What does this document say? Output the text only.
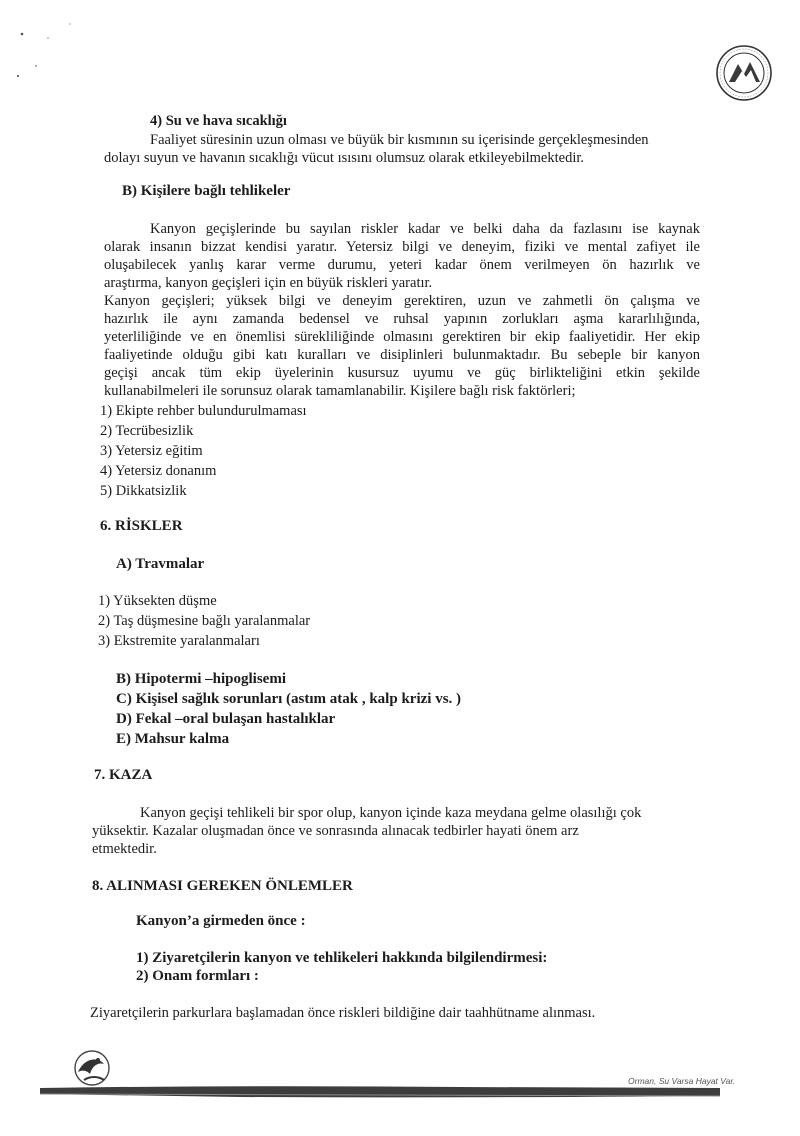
4) Su ve hava sıcaklığı
Faaliyet süresinin uzun olması ve büyük bir kısmının su içerisinde gerçekleşmesinden
dolayı suyun ve havanın sıcaklığı vücut ısısını olumsuz olarak etkileyebilmektedir.
B) Kişilere bağlı tehlikeler
Kanyon geçişlerinde bu sayılan riskler kadar ve belki daha da fazlasını ise kaynak
olarak insanın bizzat kendisi yaratır. Yetersiz bilgi ve deneyim, fiziki ve mental zafiyet ile
oluşabilecek yanlış karar verme durumu, yeteri kadar önem verilmeyen ön hazırlık ve
araştırma, kanyon geçişleri için en büyük riskleri yaratır.
Kanyon geçişleri; yüksek bilgi ve deneyim gerektiren, uzun ve zahmetli ön çalışma ve
hazırlık ile aynı zamanda bedensel ve ruhsal yapının zorlukları aşma kararlılığında,
yeterliliğinde ve en önemlisi sürekliliğinde olmasını gerektiren bir ekip faaliyetidir. Her ekip
faaliyetinde olduğu gibi katı kuralları ve disiplinleri bulunmaktadır. Bu sebeple bir kanyon
geçişi ancak tüm ekip üyelerinin kusursuz uyumu ve güç birlikteliğini etkin şekilde
kullanabilmeleri ile sorunsuz olarak tamamlanabilir. Kişilere bağlı risk faktörleri;
1) Ekipte rehber bulundurulmaması
2) Tecrübesizlik
3) Yetersiz eğitim
4) Yetersiz donanım
5) Dikkatsizlik
6. RİSKLER
A) Travmalar
1) Yüksekten düşme
2) Taş düşmesine bağlı yaralanmalar
3) Ekstremite yaralanmaları
B) Hipotermi –hipoglisemi
C) Kişisel sağlık sorunları (astım atak , kalp krizi vs. )
D) Fekal –oral bulaşan hastalıklar
E) Mahsur kalma
7. KAZA
Kanyon geçişi tehlikeli bir spor olup, kanyon içinde kaza meydana gelme olasılığı çok
yüksektir. Kazalar oluşmadan önce ve sonrasında alınacak tedbirler hayati önem arz
etmektedir.
8. ALINMASI GEREKEN ÖNLEMLER
Kanyon’a girmeden önce :
1) Ziyaretçilerin kanyon ve tehlikeleri hakkında bilgilendirmesi:
2) Onam formları :
Ziyaretçilerin parkurlara başlamadan önce riskleri bildiğine dair taahhütname alınması.
Orman, Su Varsa Hayat Var.
